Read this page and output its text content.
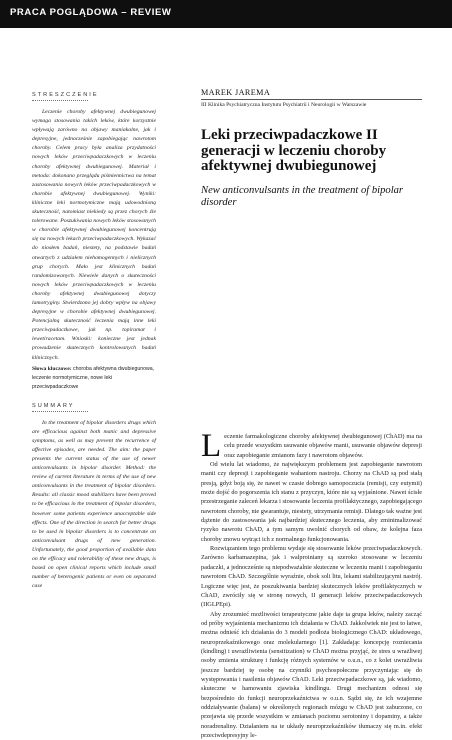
PRACA POGLĄDOWA – REVIEW
STRESZCZENIE
Leczenie choroby afektywnej dwubiegunowej wymaga stosowania takich leków, które korzystnie wpływają zarówno na objawy maniakalne, jak i depresyjne, jednocześnie zapobiegając nawrotom choroby. Celem pracy była analiza przydatności nowych leków przeciwpadaczkowych w leczeniu choroby afektywnej dwubiegunowej. Materiał i metoda: dokonano przeglądu piśmiennictwa na temat zastosowania nowych leków przeciwpadaczkowych w chorobie afektywnej dwubiegunowej. Wyniki: kliniczne leki normotymiczne mają udowodnioną skuteczność, natomiast niekiedy są przez chorych źle tolerowane. Poszukiwania nowych leków stosowanych w chorobie afektywnej dwubiegunowej koncentrują się na nowych lekach przeciwpadaczkowych. Wykazać do niosłem badań, niestety, na podstawie badań otwartych z udziałem niehomogennych i nielicznych grup chorych. Mało jest klinicznych badań randomizowanych. Niewiele danych o skuteczności nowych leków przeciwpadaczkowych w leczeniu choroby afektywnej dwubiegunowej dotyczy lamotryginy. Stwierdzono jej dobry wpływ na objawy depresyjne w chorobie afektywnej dwubiegunowej. Potencjalną skuteczność leczenia mają inne leki przeciwpadaczkowe, jak np. topiramat i lewetiracetam. Wnioski: konieczne jest jednak prowadzenie skutecznych kontrolowanych badań klinicznych.
Słowa kluczowe: choroba afektywna dwubiegunowa, leczenie normotymiczne, nowe leki przeciwpadaczkowe
SUMMARY
In the treatment of bipolar disorders drugs which are efficacious against both manic and depressive symptoms, as well as may prevent the recurrence of affective episodes, are needed. The aim: the paper presents the current status of the use of newer anticonvulsants in bipolar disorder. Method: the review of current literature in terms of the use of new anticonvulsants in the treatment of bipolar disorders. Results: all classic mood stabilizers have been proved to be efficacious in the treatment of bipolar disorders, however some patients experience unacceptable side effects. One of the direction in search for better drugs to be used in bipolar disorders is to concentrate on anticonvulsant drugs of new generation. Unfortunately, the good proportion of available data on the efficacy and tolerability of these new drugs, is based on open clinical reports which include small number of heterogenic patients or even on separated case
MAREK JAREMA
III Klinika Psychiatryczna Instytutu Psychiatrii i Neurologii w Warszawie
Leki przeciwpadaczkowe II generacji w leczeniu choroby afektywnej dwubiegunowej
New anticonvulsants in the treatment of bipolar disorder

Leczenie farmakologiczne choroby afektywnej dwubiegunowej (ChAD) ma na celu przede wszystkim usuwanie objawów manii, usuwanie objawów depresji oraz zapobieganie zmianom fazy i nawrotom objawów.

Od wielu lat wiadomo, że największym problemem jest zapobieganie nawrotom manii czy depresji i zapobieganie wahaniom nastroju. Chorzy na ChAD są pod stałą presją, gdyż boją się, że nawet w czasie dobrego samopoczucia (remisji, czy eutymii) może dojść do pogorszenia ich stanu z przyczyn, które nie są wyjaśnione. Nawet ścisłe przestrzeganie zaleceń lekarza i stosowanie leczenia profilaktycznego, zapobiegającego nawrotom choroby, nie gwarantuje, niestety, utrzymania remisji. Dlatego tak ważne jest dążenie do zastosowania jak najbardziej skutecznego leczenia, aby zminimalizować ryzyko nawrotu ChAD, a tym samym uwolnić chorych od obaw, że kolejna faza choroby znowu wytrąci ich z normalnego funkcjonowania.

Rozwiązaniem tego problemu wydaje się stosowanie leków przeciwpadaczkowych. Zarówno karbamazepina, jak i walproiniany są szeroko stosowane w leczeniu padaczki, a jednocześnie są niepodważalnie skuteczne w leczeniu manii i zapobieganiu nawrotom ChAD. Szczególnie wyraźnie, obok soli litu, lekami stabilizującymi nastrój. Logiczne więc jest, że poszukiwania bardziej skutecznych leków profilaktycznych w ChAD, zwróciły się w stronę nowych, II generacji leków przeciwpadaczkowych (IIGLPEpi).

Aby zrozumieć możliwości terapeutyczne jakie daje ta grupa leków, należy zacząć od próby wyjaśnienia mechanizmu ich działania w ChAD. Jakkolwiek nie jest to łatwe, można odnieść ich działania do 3 modeli podłoża biologicznego ChAD: układowego, neuroprzekaźnikowego oraz molekularnego [1]. Zakładając koncepcję rozniecania (kindling) i uwrażliwienia (sensitization) w ChAD można przyjąć, że stres u wrażliwej osoby zmienia strukturę i funkcję różnych systemów w o.u.n., co z kolei uwrażliwia jeszcze bardziej tę osobę na czynniki psychospołeczne przyczyniając się do występowania i nasilenia objawów ChAD. Leki przeciwpadaczkowe są, jak wiadomo, skuteczne w hamowaniu zjawiska kindlingu. Drugi mechanizm odnosi się bezpośrednio do funkcji neuroprzekaźnictwa w o.u.n. Sądzi się, że ich wzajemne oddziaływanie (balans) w określonych regionach mózgu w ChAD jest zaburzone, co przejawia się przede wszystkim w zmianach poziomu serotoniny i dopaminy, a także noradrenaliny. Działaniem na te układy neuroprzekaźników tłumaczy się m.in. efekt przeciwdepresyjny le-
